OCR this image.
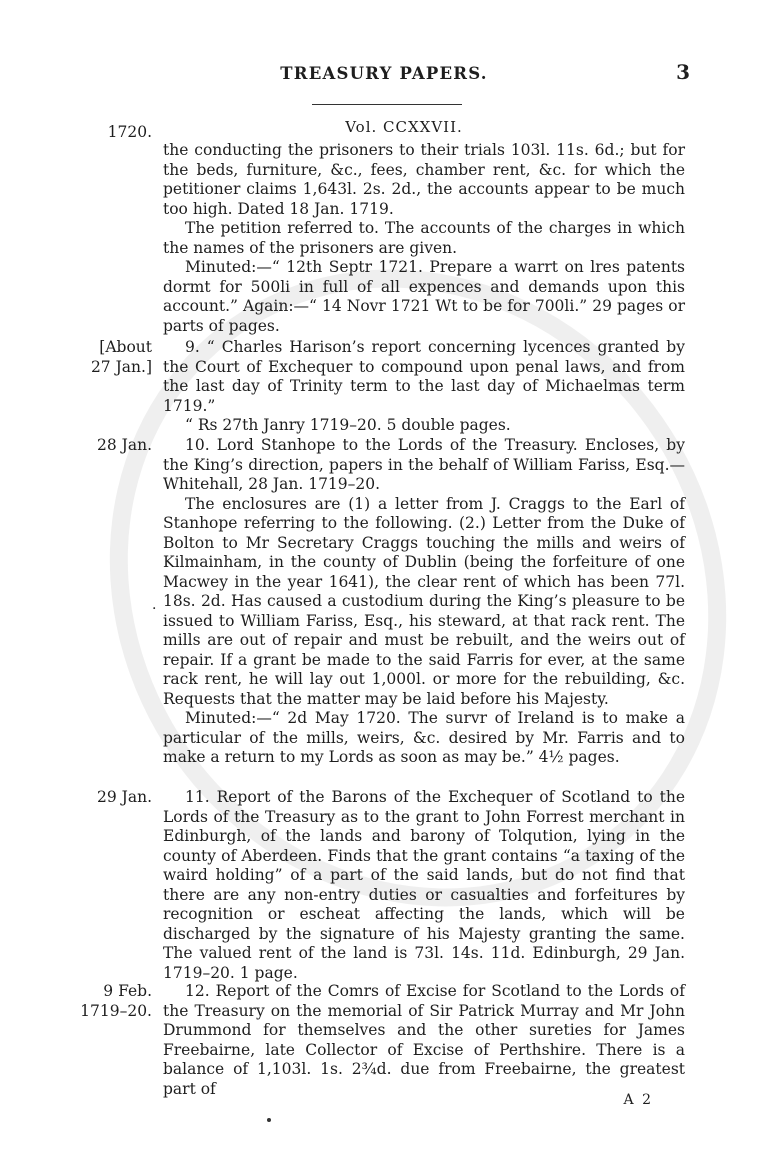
TREASURY PAPERS.	3
Vol. CCXXVII.
1720.

the conducting the prisoners to their trials 103l. 11s. 6d.; but for the beds, furniture, &c., fees, chamber rent, &c. for which the petitioner claims 1,643l. 2s. 2d., the accounts appear to be much too high. Dated 18 Jan. 1719.

The petition referred to. The accounts of the charges in which the names of the prisoners are given.

Minuted:—“ 12th Septr 1721. Prepare a warrt on lres patents dormt for 500li in full of all expences and demands upon this account.” Again:—“ 14 Novr 1721 Wt to be for 700li.” 29 pages or parts of pages.

[About
27 Jan.]

9. “ Charles Harison’s report concerning lycences granted by the Court of Exchequer to compound upon penal laws, and from the last day of Trinity term to the last day of Michaelmas term 1719.”

“ Rs 27th Janry 1719–20. 5 double pages.

28 Jan.	10. Lord Stanhope to the Lords of the Treasury. Encloses, by the King’s direction, papers in the behalf of William Fariss, Esq.— Whitehall, 28 Jan. 1719–20.

The enclosures are (1) a letter from J. Craggs to the Earl of Stanhope referring to the following. (2.) Letter from the Duke of Bolton to Mr Secretary Craggs touching the mills and weirs of Kilmainham, in the county of Dublin (being the forfeiture of one Macwey in the year 1641), the clear rent of which has been 77l. 18s. 2d. Has caused a custodium during the King’s pleasure to be issued to William Fariss, Esq., his steward, at that rack rent. The mills are out of repair and must be rebuilt, and the weirs out of repair. If a grant be made to the said Farris for ever, at the same rack rent, he will lay out 1,000l. or more for the rebuilding, &c. Requests that the matter may be laid before his Majesty.

Minuted:—“ 2d May 1720. The survr of Ireland is to make a particular of the mills, weirs, &c. desired by Mr. Farris and to make a return to my Lords as soon as may be.” 4½ pages.

·
29 Jan.	11. Report of the Barons of the Exchequer of Scotland to the Lords of the Treasury as to the grant to John Forrest merchant in Edinburgh, of the lands and barony of Tolqution, lying in the county of Aberdeen. Finds that the grant contains “a taxing of the waird holding” of a part of the said lands, but do not find that there are any non-entry duties or casualties and forfeitures by recognition or escheat affecting the lands, which will be discharged by the signature of his Majesty granting the same. The valued rent of the land is 73l. 14s. 11d. Edinburgh, 29 Jan. 1719–20. 1 page.

9 Feb.
1719–20.

12. Report of the Comrs of Excise for Scotland to the Lords of the Treasury on the memorial of Sir Patrick Murray and Mr John Drummond for themselves and the other sureties for James Freebairne, late Collector of Excise of Perthshire. There is a balance of 1,103l. 1s. 2¾d. due from Freebairne, the greatest part of

A 2
